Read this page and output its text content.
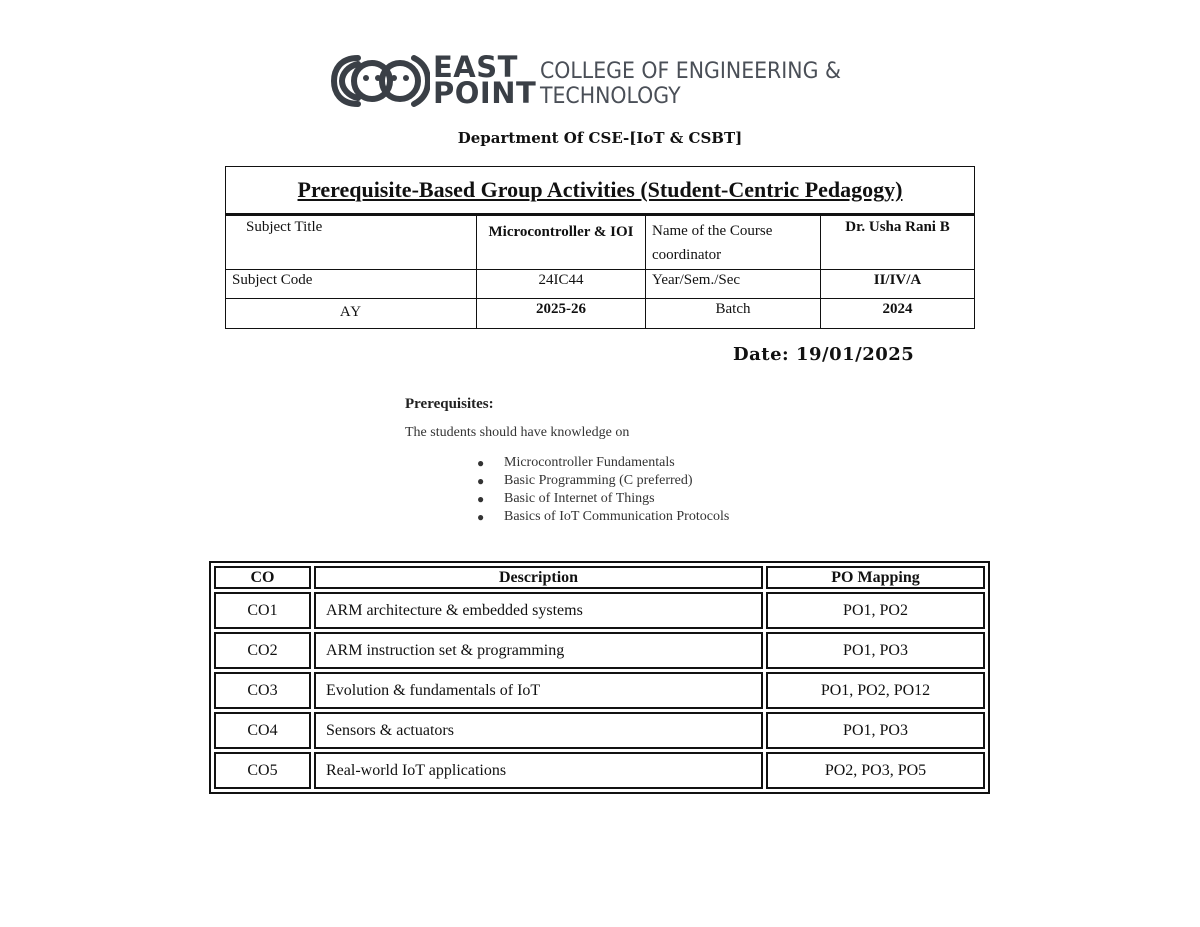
EAST
POINT
COLLEGE OF ENGINEERING &
TECHNOLOGY
Department Of CSE-[IoT & CSBT]
Prerequisite-Based Group Activities (Student-Centric Pedagogy)			
Subject Title	Microcontroller & IOI	Name of the Course coordinator	Dr. Usha Rani B
Subject Code	24IC44	Year/Sem./Sec	II/IV/A
AY	2025-26	Batch	2024
Date: 19/01/2025
Prerequisites:
The students should have knowledge on
● Microcontroller Fundamentals
● Basic Programming (C preferred)
● Basic of Internet of Things
● Basics of IoT Communication Protocols
CO	Description	PO Mapping
CO1	ARM architecture & embedded systems	PO1, PO2
CO2	ARM instruction set & programming	PO1, PO3
CO3	Evolution & fundamentals of IoT	PO1, PO2, PO12
CO4	Sensors & actuators	PO1, PO3
CO5	Real-world IoT applications	PO2, PO3, PO5
